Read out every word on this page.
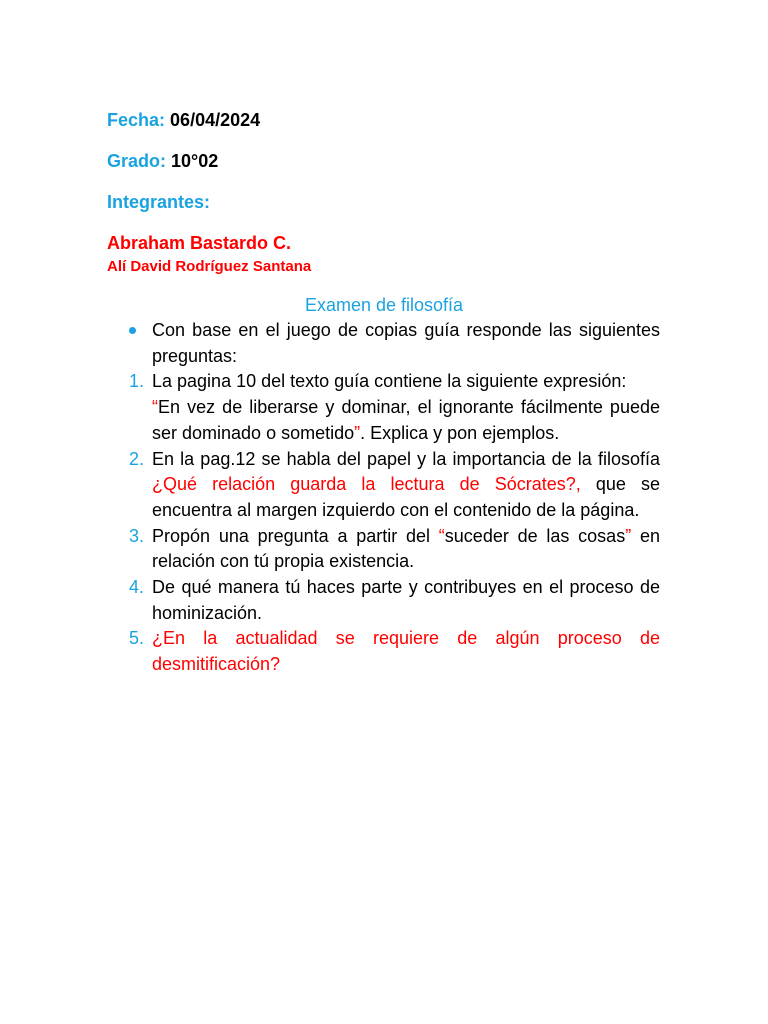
Fecha: 06/04/2024
Grado: 10°02
Integrantes:
Abraham Bastardo C.
Alí David Rodríguez Santana
Examen de filosofía
Con base en el juego de copias guía responde las siguientes preguntas:
1. La pagina 10 del texto guía contiene la siguiente expresión:
“En vez de liberarse y dominar, el ignorante fácilmente puede ser dominado o sometido”. Explica y pon ejemplos.
2. En la pag.12 se habla del papel y la importancia de la filosofía ¿Qué relación guarda la lectura de Sócrates?, que se encuentra al margen izquierdo con el contenido de la página.
3. Propón una pregunta a partir del “suceder de las cosas” en relación con tú propia existencia.
4. De qué manera tú haces parte y contribuyes en el proceso de hominización.
5. ¿En la actualidad se requiere de algún proceso de desmitificación?
